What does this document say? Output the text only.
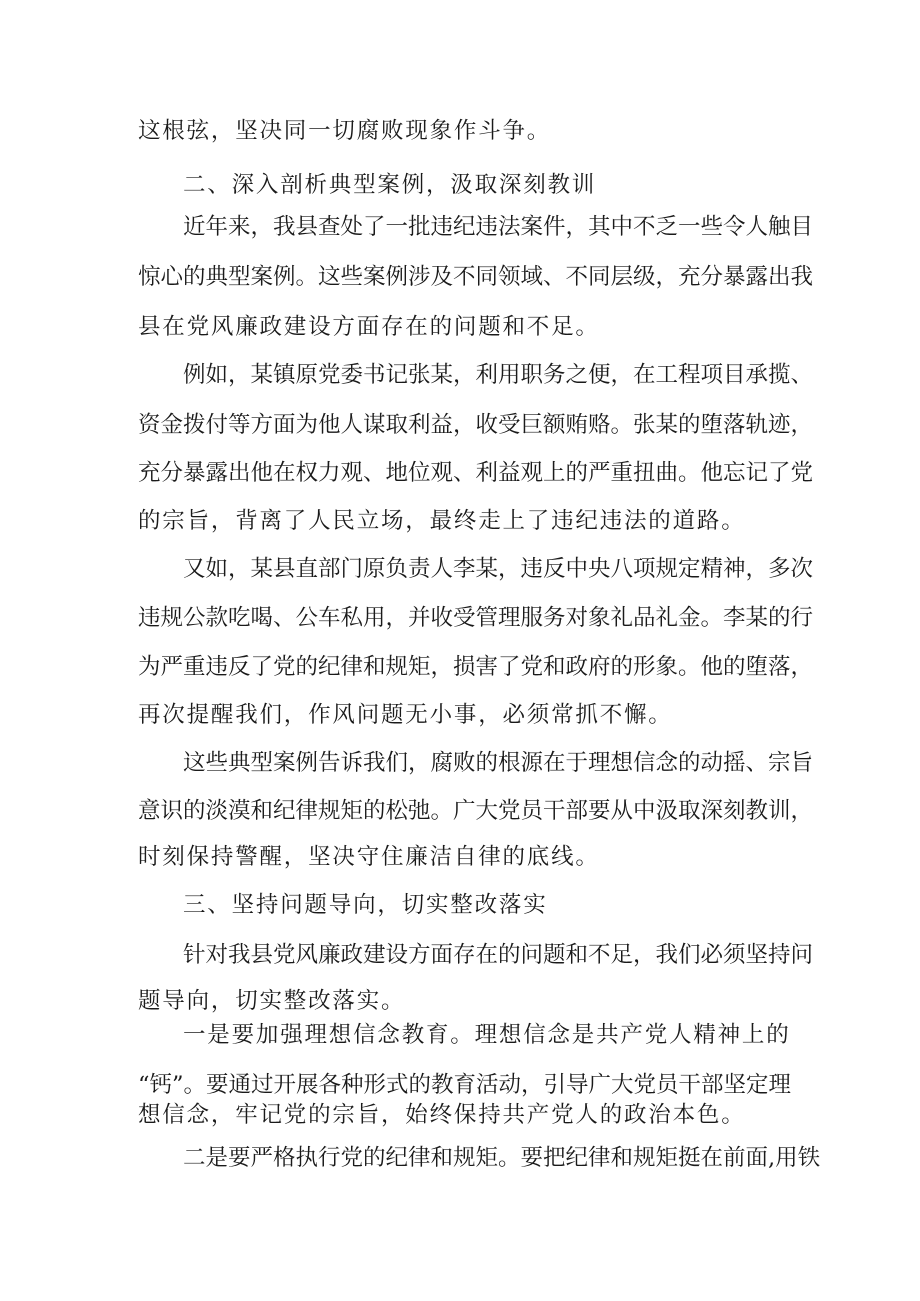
这根弦，坚决同一切腐败现象作斗争。
二、深入剖析典型案例，汲取深刻教训
近年来，我县查处了一批违纪违法案件，其中不乏一些令人触目
惊心的典型案例。这些案例涉及不同领域、不同层级，充分暴露出我
县在党风廉政建设方面存在的问题和不足。
例如，某镇原党委书记张某，利用职务之便，在工程项目承揽、
资金拨付等方面为他人谋取利益，收受巨额贿赂。张某的堕落轨迹，
充分暴露出他在权力观、地位观、利益观上的严重扭曲。他忘记了党
的宗旨，背离了人民立场，最终走上了违纪违法的道路。
又如，某县直部门原负责人李某，违反中央八项规定精神，多次
违规公款吃喝、公车私用，并收受管理服务对象礼品礼金。李某的行
为严重违反了党的纪律和规矩，损害了党和政府的形象。他的堕落，
再次提醒我们，作风问题无小事，必须常抓不懈。
这些典型案例告诉我们，腐败的根源在于理想信念的动摇、宗旨
意识的淡漠和纪律规矩的松弛。广大党员干部要从中汲取深刻教训，
时刻保持警醒，坚决守住廉洁自律的底线。
三、坚持问题导向，切实整改落实
针对我县党风廉政建设方面存在的问题和不足，我们必须坚持问
题导向，切实整改落实。
一是要加强理想信念教育。理想信念是共产党人精神上的
“钙”。要通过开展各种形式的教育活动，引导广大党员干部坚定理
想信念，牢记党的宗旨，始终保持共产党人的政治本色。
二是要严格执行党的纪律和规矩。要把纪律和规矩挺在前面,用铁
